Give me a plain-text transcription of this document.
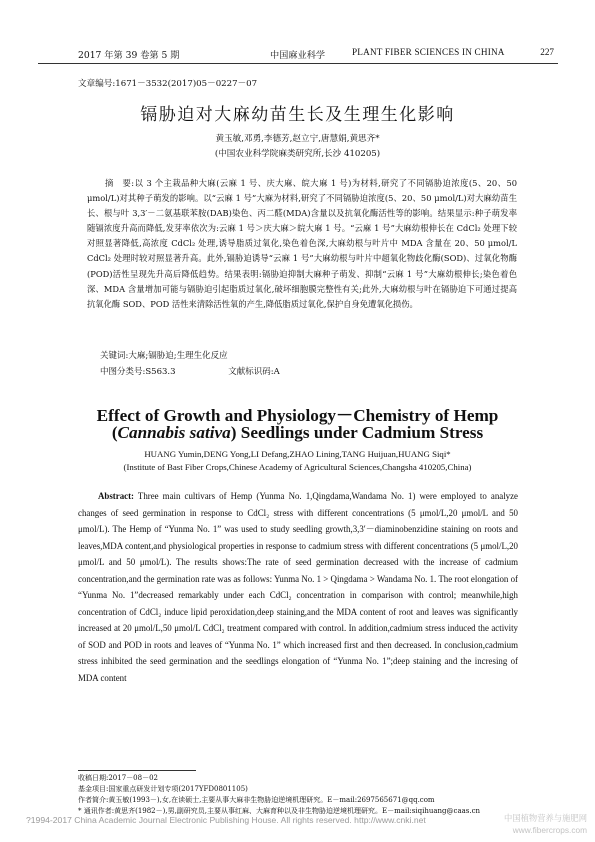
2017 年第 39 卷第 5 期	中国麻业科学	PLANT FIBER SCIENCES IN CHINA	227
文章编号:1671－3532(2017)05－0227－07
镉胁迫对大麻幼苗生长及生理生化影响
黄玉敏,邓勇,李德芳,赵立宁,唐慧娟,黄思齐*
(中国农业科学院麻类研究所,长沙 410205)
摘　要:以 3 个主栽品种大麻(云麻 1 号、庆大麻、皖大麻 1 号)为材料,研究了不同镉胁迫浓度(5、20、50 μmol/L)对其种子萌发的影响。以“云麻 1 号”大麻为材料,研究了不同镉胁迫浓度(5、20、50 μmol/L)对大麻幼苗生长、根与叶 3,3′－二氨基联苯胺(DAB)染色、丙二醛(MDA)含量以及抗氧化酶活性等的影响。结果显示:种子萌发率随镉浓度升高而降低,发芽率依次为:云麻 1 号＞庆大麻＞皖大麻 1 号。“云麻 1 号”大麻幼根伸长在 CdCl₂ 处理下较对照显著降低,高浓度 CdCl₂ 处理,诱导脂质过氧化,染色着色深,大麻幼根与叶片中 MDA 含量在 20、50 μmol/L CdCl₂ 处理时较对照显著升高。此外,镉胁迫诱导“云麻 1 号”大麻幼根与叶片中超氧化物歧化酶(SOD)、过氧化物酶(POD)活性呈现先升高后降低趋势。结果表明:镉胁迫抑制大麻种子萌发、抑制“云麻 1 号”大麻幼根伸长;染色着色深、MDA 含量增加可能与镉胁迫引起脂质过氧化,破坏细胞膜完整性有关;此外,大麻幼根与叶在镉胁迫下可通过提高抗氧化酶 SOD、POD 活性来清除活性氧的产生,降低脂质过氧化,保护自身免遭氧化损伤。
关键词:大麻;镉胁迫;生理生化反应
中图分类号:S563.3	文献标识码:A
Effect of Growth and Physiology－Chemistry of Hemp
(Cannabis sativa) Seedlings under Cadmium Stress
HUANG Yumin,DENG Yong,LI Defang,ZHAO Lining,TANG Huijuan,HUANG Siqi*
(Institute of Bast Fiber Crops,Chinese Academy of Agricultural Sciences,Changsha 410205,China)
Abstract: Three main cultivars of Hemp (Yunma No. 1,Qingdama,Wandama No. 1) were employed to analyze changes of seed germination in response to CdCl₂ stress with different concentrations (5 μmol/L,20 μmol/L and 50 μmol/L). The Hemp of “Yunma No. 1” was used to study seedling growth,3,3′－diaminobenzidine staining on roots and leaves,MDA content,and physiological properties in response to cadmium stress with different concentrations (5 μmol/L,20 μmol/L and 50 μmol/L). The results shows:The rate of seed germination decreased with the increase of cadmium concentration,and the germination rate was as follows: Yunma No. 1 > Qingdama > Wandama No. 1. The root elongation of “Yunma No. 1”decreased remarkably under each CdCl₂ concentration in comparison with control; meanwhile,high concentration of CdCl₂ induce lipid peroxidation,deep staining,and the MDA content of root and leaves was significantly increased at 20 μmol/L,50 μmol/L CdCl₂ treatment compared with control. In addition,cadmium stress induced the activity of SOD and POD in roots and leaves of “Yunma No. 1” which increased first and then decreased. In conclusion,cadmium stress inhibited the seed germination and the seedlings elongation of “Yunma No. 1”;deep staining and the incresing of MDA content
收稿日期:2017－08－02
基金项目:国家重点研发计划专项(2017YFD0801105)
作者简介:黄玉敏(1993－),女,在读硕士,主要从事大麻非生物胁迫逆境机理研究。E－mail:2697565671@qq.com
* 通讯作者:黄思齐(1982－),男,副研究员,主要从事红麻、大麻育种以及非生物胁迫逆境机理研究。E－mail:siqihuang@caas.cn
?1994-2017 China Academic Journal Electronic Publishing House. All rights reserved. http://www.cnki.net	中国植物营养与施肥网
www.fibercrops.com
